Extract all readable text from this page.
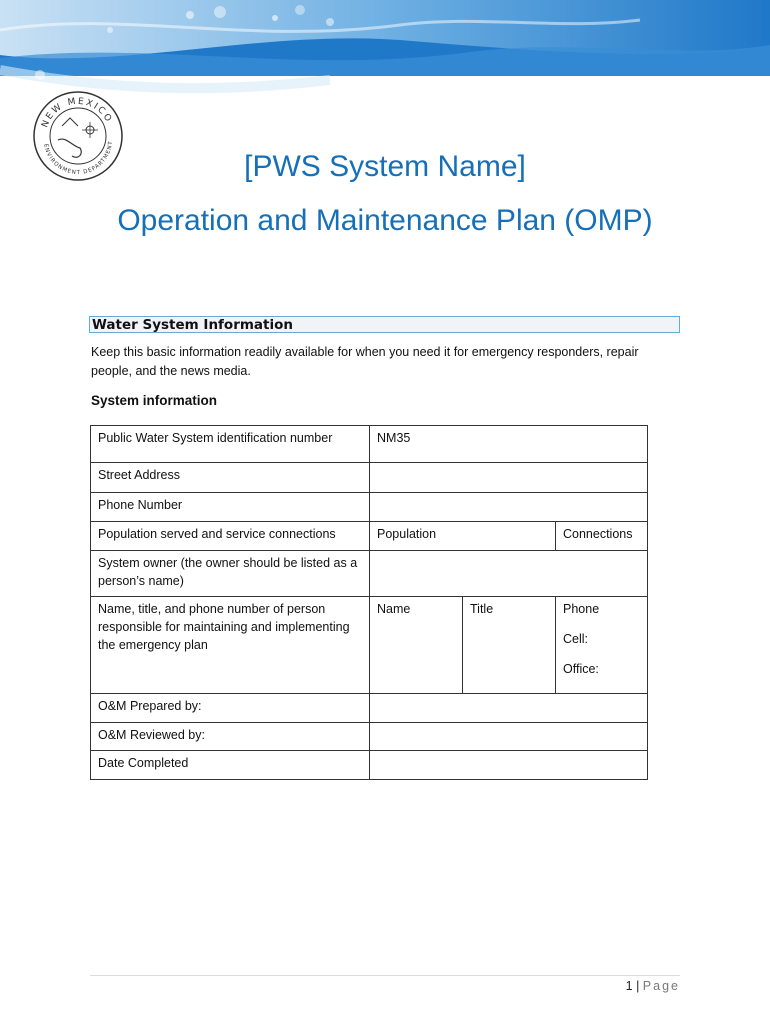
NEW MEXICO
ENVIRONMENT DEPARTMENT
[PWS System Name]
Operation and Maintenance Plan (OMP)
Water System Information

Keep this basic information readily available for when you need it for emergency responders, repair people, and the news media.

System information

Public Water System identification number	NM35		
Street Address			
Phone Number			
Population served and service connections	Population		Connections
System owner (the owner should be listed as a person’s name)			
Name, title, and phone number of person responsible for maintaining and implementing the emergency plan	Name	Title	Phone
Cell:
Office:

O&M Prepared by:			
O&M Reviewed by:			
Date Completed			
1 | Page
